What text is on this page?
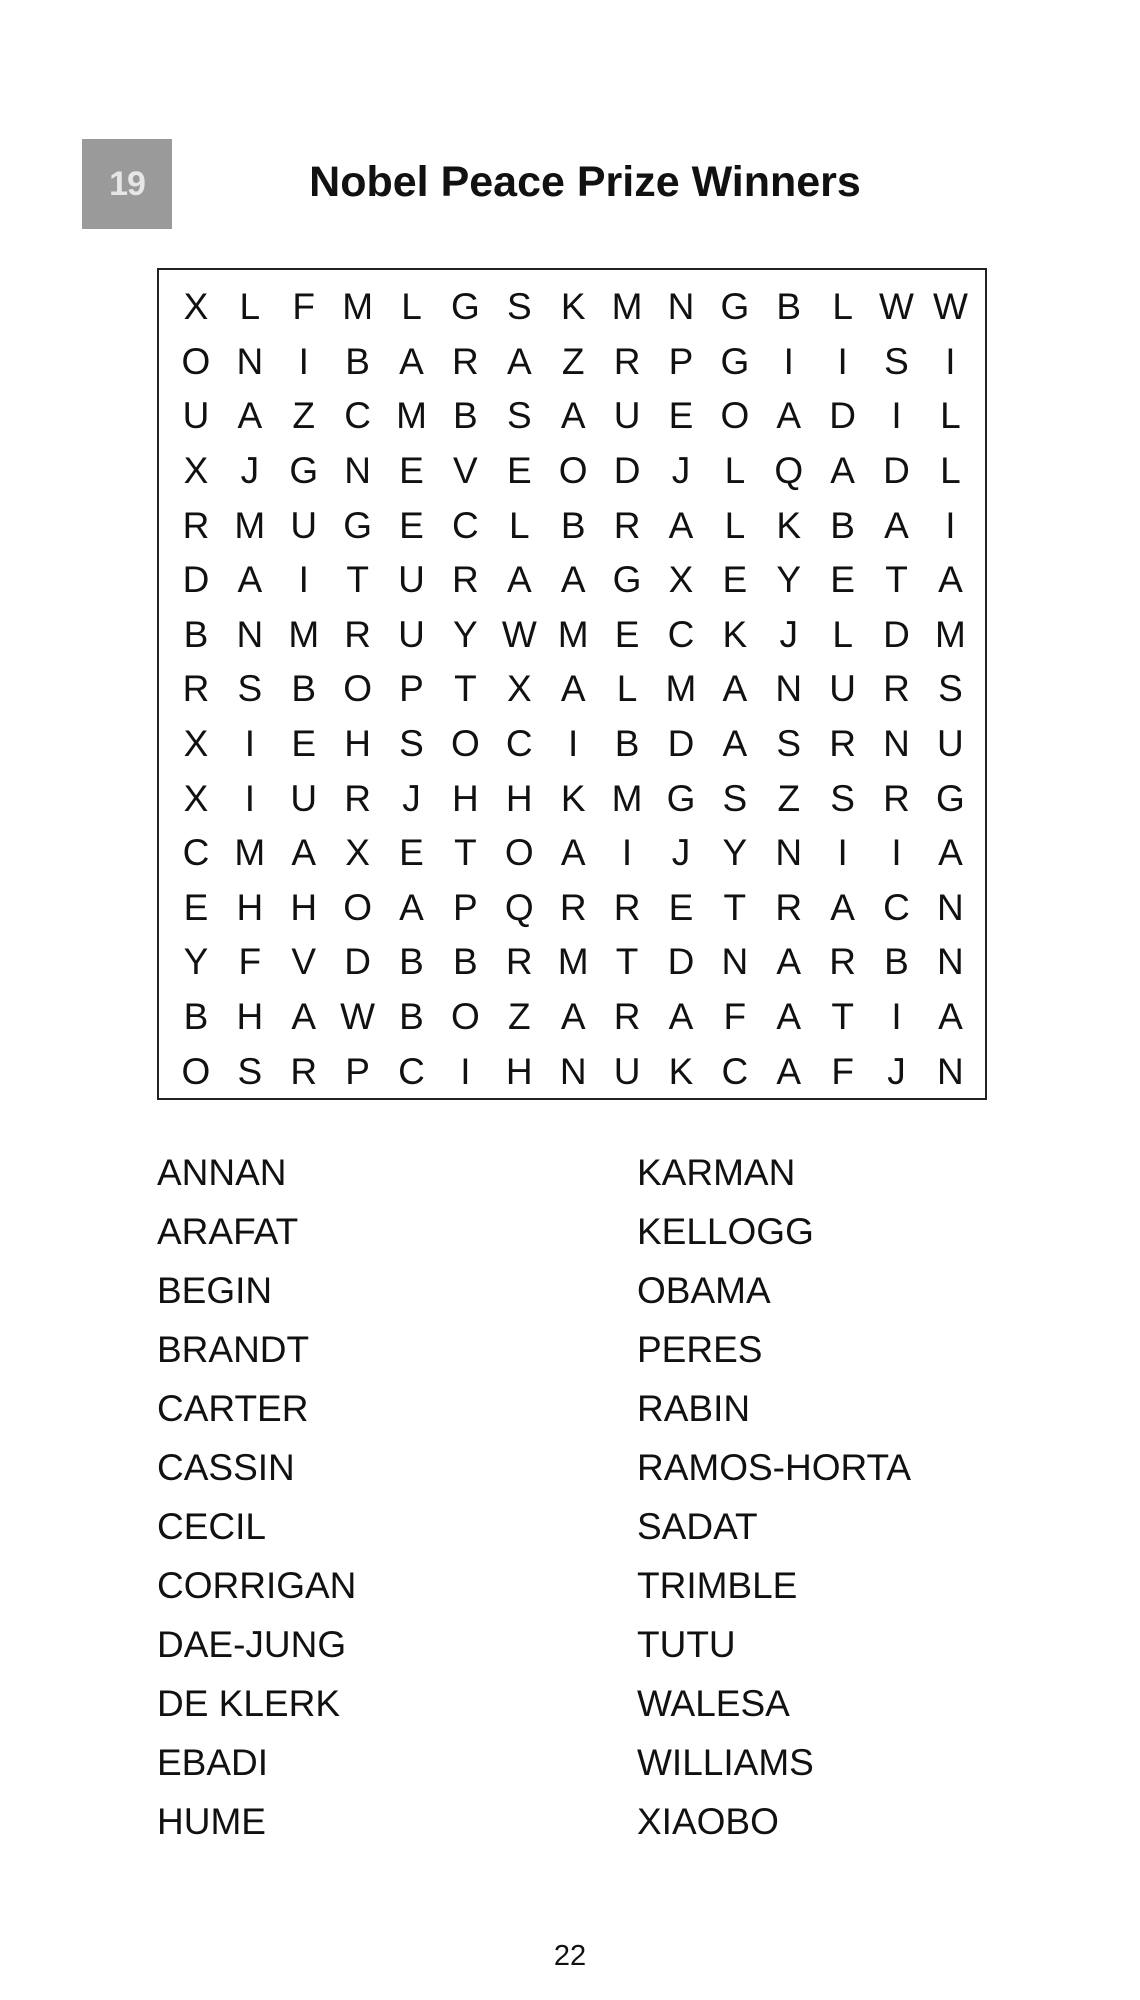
19	Nobel Peace Prize Winners
X L F M L G S K M N G B L W W
O N I B A R A Z R P G I	I S I
U A Z C M B S A U E O A D I	L
X J G N E V E O D J L Q A D L
R M U G E C L B R A L K B A I
D A I	T U R A A G X E Y E T A
B N M R U Y W M E C K J L D M
R S B O P T X A L M A N U R S
X I E H S O C I B D A S R N U
X I U R J H H K M G S Z S R G
C M A X E T O A I	J Y N I	I A
E H H O A P Q R R E T R A C N
Y F V D B B R M T D N A R B N
B H A W B O Z A R A F A T	I A
O S R P C I H N U K C A F J N
ANNAN
ARAFAT
BEGIN
BRANDT
CARTER
CASSIN
CECIL
CORRIGAN
DAE-JUNG
DE KLERK
EBADI
HUME
KARMAN
KELLOGG
OBAMA
PERES
RABIN
RAMOS-HORTA
SADAT
TRIMBLE
TUTU
WALESA
WILLIAMS
XIAOBO
22
